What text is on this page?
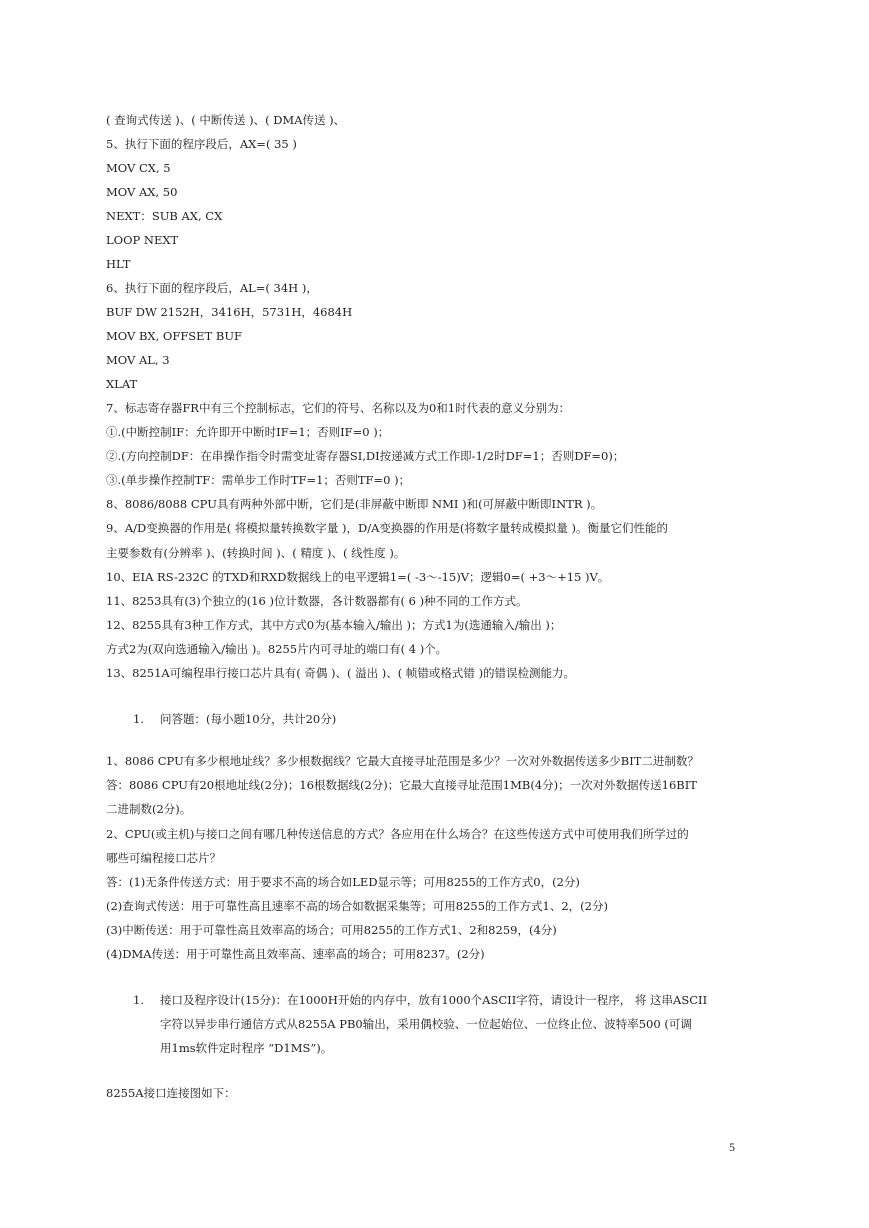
( 查询式传送 )、( 中断传送 )、( DMA传送 )、
5、执行下面的程序段后，AX=( 35 )
MOV CX, 5
MOV AX, 50
NEXT：SUB AX, CX
LOOP NEXT
HLT
6、执行下面的程序段后，AL=( 34H )，
BUF DW 2152H，3416H，5731H，4684H
MOV BX, OFFSET BUF
MOV AL, 3
XLAT
7、标志寄存器FR中有三个控制标志，它们的符号、名称以及为0和1时代表的意义分别为：
①.(中断控制IF：允许即开中断时IF=1；否则IF=0 )；
②.(方向控制DF：在串操作指令时需变址寄存器SI,DI按递减方式工作即-1/2时DF=1；否则DF=0)；
③.(单步操作控制TF：需单步工作时TF=1；否则TF=0 )；
8、8086/8088 CPU具有两种外部中断，它们是(非屏蔽中断即 NMI )和(可屏蔽中断即INTR )。
9、A/D变换器的作用是( 将模拟量转换数字量 )，D/A变换器的作用是(将数字量转成模拟量 )。衡量它们性能的
主要参数有(分辨率 )、(转换时间 )、( 精度 )、( 线性度 )。
10、EIA RS-232C 的TXD和RXD数据线上的电平逻辑1=( -3～-15)V；逻辑0=( +3～+15 )V。
11、8253具有(3)个独立的(16 )位计数器，各计数器都有( 6 )种不同的工作方式。
12、8255具有3种工作方式，其中方式0为(基本输入/输出 )；方式1为(选通输入/输出 )；
方式2为(双向选通输入/输出 )。8255片内可寻址的端口有( 4 )个。
13、8251A可编程串行接口芯片具有( 奇偶 )、( 溢出 )、( 帧错或格式错 )的错误检测能力。
1. 问答题：(每小题10分，共计20分)
1、8086 CPU有多少根地址线？多少根数据线？它最大直接寻址范围是多少？一次对外数据传送多少BIT二进制数？
答：8086 CPU有20根地址线(2分)；16根数据线(2分)；它最大直接寻址范围1MB(4分)；一次对外数据传送16BIT
二进制数(2分)。
2、CPU(或主机)与接口之间有哪几种传送信息的方式？各应用在什么场合？在这些传送方式中可使用我们所学过的
哪些可编程接口芯片？
答：(1)无条件传送方式：用于要求不高的场合如LED显示等；可用8255的工作方式0，(2分)
(2)查询式传送：用于可靠性高且速率不高的场合如数据采集等；可用8255的工作方式1、2，(2分)
(3)中断传送：用于可靠性高且效率高的场合；可用8255的工作方式1、2和8259，(4分)
(4)DMA传送：用于可靠性高且效率高、速率高的场合；可用8237。(2分)
1. 接口及程序设计(15分)：在1000H开始的内存中，放有1000个ASCII字符，请设计一程序， 将 这串ASCII
字符以异步串行通信方式从8255A PB0输出，采用偶校验、一位起始位、一位终止位、波特率500 (可调
用1ms软件定时程序 “D1MS”)。
8255A接口连接图如下：
5
